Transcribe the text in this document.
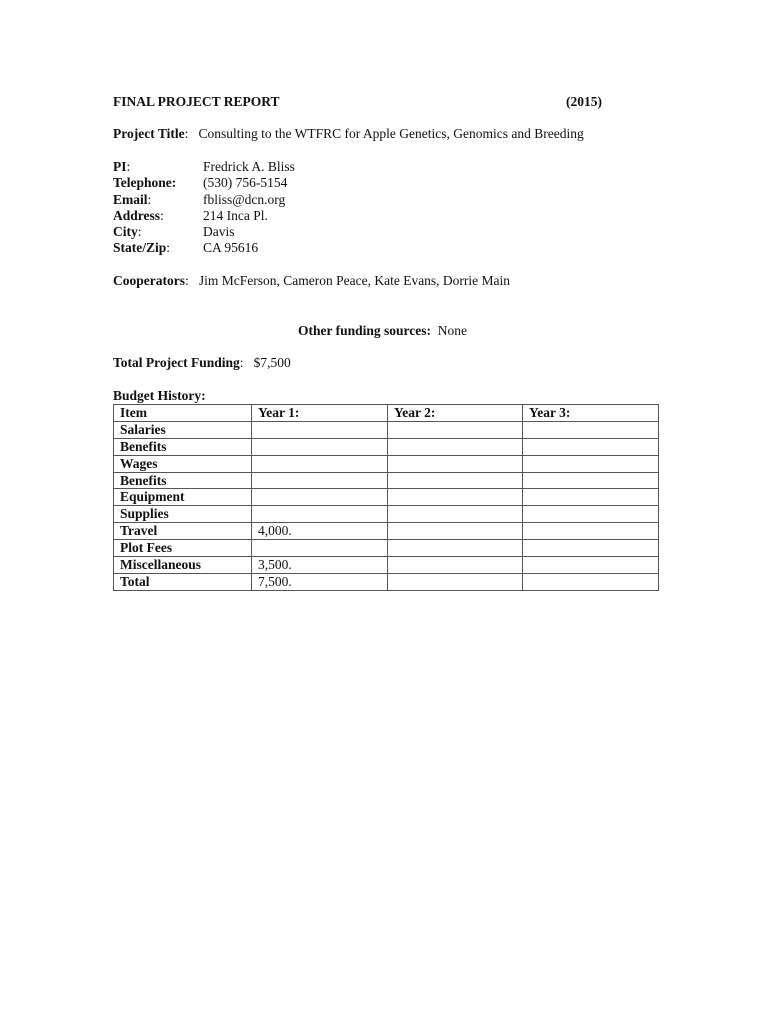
FINAL PROJECT REPORT	(2015)
Project Title:   Consulting to the WTFRC for Apple Genetics, Genomics and Breeding
PI:	Fredrick A. Bliss
Telephone:	(530) 756-5154
Email:	fbliss@dcn.org
Address:	214 Inca Pl.
City:	Davis
State/Zip:	CA 95616
Cooperators:   Jim McFerson, Cameron Peace, Kate Evans, Dorrie Main
Other funding sources: None
Total Project Funding:   $7,500
Budget History:
Item	Year 1:	Year 2:	Year 3:
Salaries			
Benefits			
Wages			
Benefits			
Equipment			
Supplies			
Travel	4,000.		
Plot Fees			
Miscellaneous	3,500.		
Total	7,500.		
